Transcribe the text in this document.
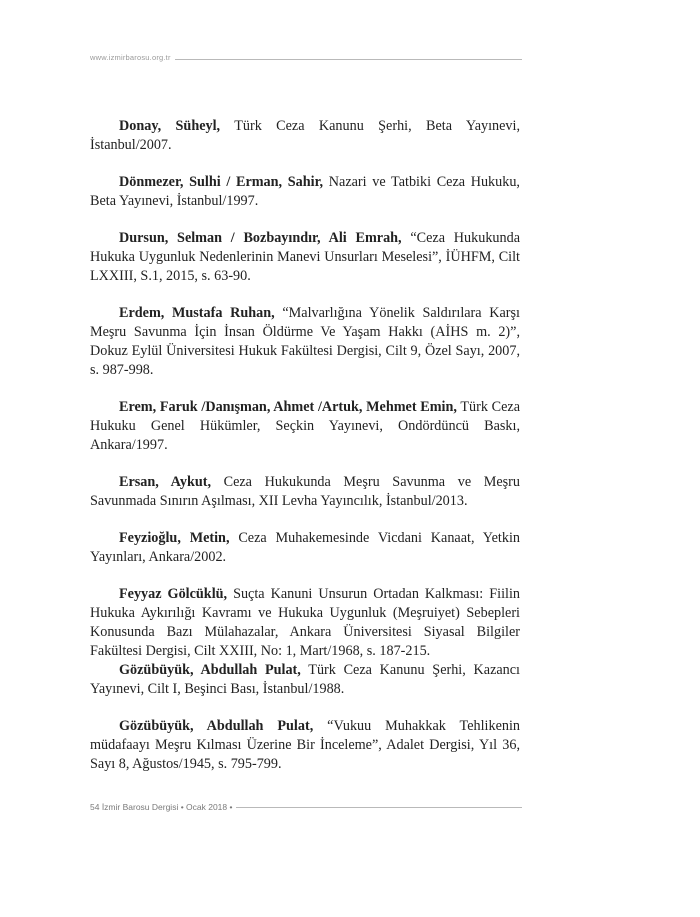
www.izmirbarosu.org.tr

Donay, Süheyl, Türk Ceza Kanunu Şerhi, Beta Yayınevi, İstanbul/2007.

Dönmezer, Sulhi / Erman, Sahir, Nazari ve Tatbiki Ceza Hukuku, Beta Yayınevi, İstanbul/1997.

Dursun, Selman / Bozbayındır, Ali Emrah, “Ceza Hukukunda Hukuka Uygunluk Nedenlerinin Manevi Unsurları Meselesi”, İÜHFM, Cilt LXXIII, S.1, 2015, s. 63-90.

Erdem, Mustafa Ruhan, “Malvarlığına Yönelik Saldırılara Karşı Meşru Savunma İçin İnsan Öldürme Ve Yaşam Hakkı (AİHS m. 2)”, Dokuz Eylül Üniversitesi Hukuk Fakültesi Dergisi, Cilt 9, Özel Sayı, 2007, s. 987-998.

Erem, Faruk /Danışman, Ahmet /Artuk, Mehmet Emin, Türk Ceza Hukuku Genel Hükümler, Seçkin Yayınevi, Ondördüncü Baskı, Ankara/1997.

Ersan, Aykut, Ceza Hukukunda Meşru Savunma ve Meşru Savunmada Sınırın Aşılması, XII Levha Yayıncılık, İstanbul/2013.

Feyzioğlu, Metin, Ceza Muhakemesinde Vicdani Kanaat, Yetkin Yayınları, Ankara/2002.

Feyyaz Gölcüklü, Suçta Kanuni Unsurun Ortadan Kalkması: Fiilin Hukuka Aykırılığı Kavramı ve Hukuka Uygunluk (Meşruiyet) Sebepleri Konusunda Bazı Mülahazalar, Ankara Üniversitesi Siyasal Bilgiler Fakültesi Dergisi, Cilt XXIII, No: 1, Mart/1968, s. 187-215.

Gözübüyük, Abdullah Pulat, Türk Ceza Kanunu Şerhi, Kazancı Yayınevi, Cilt I, Beşinci Bası, İstanbul/1988.

Gözübüyük, Abdullah Pulat, “Vukuu Muhakkak Tehlikenin müdafaayı Meşru Kılması Üzerine Bir İnceleme”, Adalet Dergisi, Yıl 36, Sayı 8, Ağustos/1945, s. 795-799.

54 İzmir Barosu Dergisi • Ocak 2018 •
